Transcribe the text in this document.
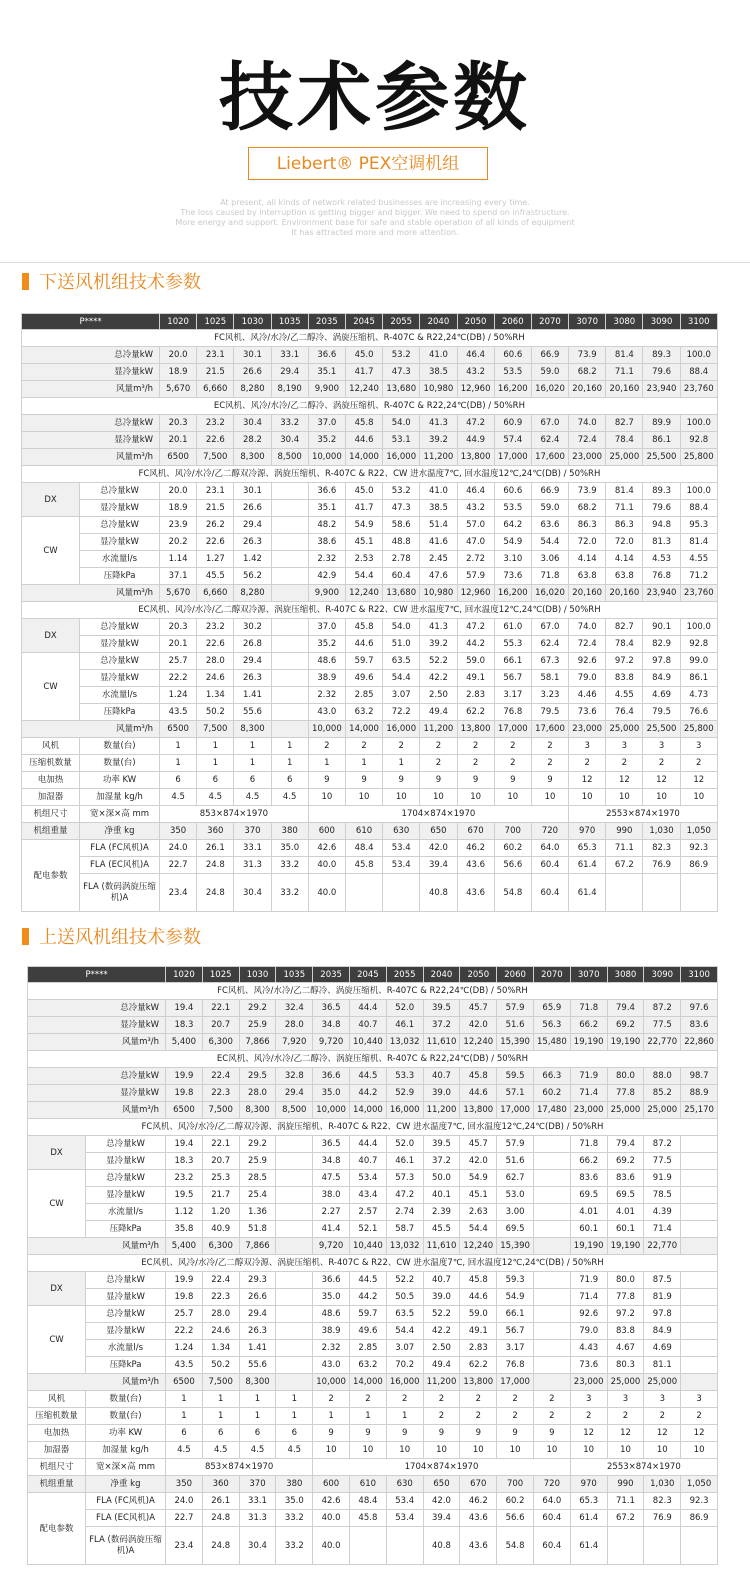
技术参数
Liebert® PEX空调机组
At present, all kinds of network related businesses are increasing every time.
The loss caused by interruption is getting bigger and bigger. We need to spend on infrastructure.
More energy and support. Environment base for safe and stable operation of all kinds of equipment
It has attracted more and more attention.
下送风机组技术参数
P****		1020	1025	1030	1035	2035	2045	2055	2040	2050	2060	2070	3070	3080	3090	3100
FC风机、风冷/水冷/乙二醇冷、涡旋压缩机、R-407C & R22,24℃(DB) / 50%RH																
总冷量kW		20.0	23.1	30.1	33.1	36.6	45.0	53.2	41.0	46.4	60.6	66.9	73.9	81.4	89.3	100.0
显冷量kW		18.9	21.5	26.6	29.4	35.1	41.7	47.3	38.5	43.2	53.5	59.0	68.2	71.1	79.6	88.4
风量m³/h		5,670	6,660	8,280	8,190	9,900	12,240	13,680	10,980	12,960	16,200	16,020	20,160	20,160	23,940	23,760
EC风机、风冷/水冷/乙二醇冷、涡旋压缩机、R-407C & R22,24℃(DB) / 50%RH																
总冷量kW		20.3	23.2	30.4	33.2	37.0	45.8	54.0	41.3	47.2	60.9	67.0	74.0	82.7	89.9	100.0
显冷量kW		20.1	22.6	28.2	30.4	35.2	44.6	53.1	39.2	44.9	57.4	62.4	72.4	78.4	86.1	92.8
风量m³/h		6500	7,500	8,300	8,500	10,000	14,000	16,000	11,200	13,800	17,000	17,600	23,000	25,000	25,500	25,800
FC风机、风冷/水冷/乙二醇双冷源、涡旋压缩机、R-407C & R22、CW 进水温度7℃, 回水温度12℃,24℃(DB) / 50%RH																
DX	总冷量kW	20.0	23.1	30.1		36.6	45.0	53.2	41.0	46.4	60.6	66.9	73.9	81.4	89.3	100.0
	显冷量kW	18.9	21.5	26.6		35.1	41.7	47.3	38.5	43.2	53.5	59.0	68.2	71.1	79.6	88.4
CW	总冷量kW	23.9	26.2	29.4		48.2	54.9	58.6	51.4	57.0	64.2	63.6	86.3	86.3	94.8	95.3
	显冷量kW	20.2	22.6	26.3		38.6	45.1	48.8	41.6	47.0	54.9	54.4	72.0	72.0	81.3	81.4
	水流量l/s	1.14	1.27	1.42		2.32	2.53	2.78	2.45	2.72	3.10	3.06	4.14	4.14	4.53	4.55
	压降kPa	37.1	45.5	56.2		42.9	54.4	60.4	47.6	57.9	73.6	71.8	63.8	63.8	76.8	71.2
风量m³/h		5,670	6,660	8,280		9,900	12,240	13,680	10,980	12,960	16,200	16,020	20,160	20,160	23,940	23,760
EC风机、风冷/水冷/乙二醇双冷源、涡旋压缩机、R-407C & R22、CW 进水温度7℃, 回水温度12℃,24℃(DB) / 50%RH																
DX	总冷量kW	20.3	23.2	30.2		37.0	45.8	54.0	41.3	47.2	61.0	67.0	74.0	82.7	90.1	100.0
	显冷量kW	20.1	22.6	26.8		35.2	44.6	51.0	39.2	44.2	55.3	62.4	72.4	78.4	82.9	92.8
CW	总冷量kW	25.7	28.0	29.4		48.6	59.7	63.5	52.2	59.0	66.1	67.3	92.6	97.2	97.8	99.0
	显冷量kW	22.2	24.6	26.3		38.9	49.6	54.4	42.2	49.1	56.7	58.1	79.0	83.8	84.9	86.1
	水流量l/s	1.24	1.34	1.41		2.32	2.85	3.07	2.50	2.83	3.17	3.23	4.46	4.55	4.69	4.73
	压降kPa	43.5	50.2	55.6		43.0	63.2	72.2	49.4	62.2	76.8	79.5	73.6	76.4	79.5	76.6
风量m³/h		6500	7,500	8,300		10,000	14,000	16,000	11,200	13,800	17,000	17,600	23,000	25,000	25,500	25,800
风机	数量(台)	1	1	1	1	2	2	2	2	2	2	2	3	3	3	3
压缩机数量	数量(台)	1	1	1	1	1	1	1	2	2	2	2	2	2	2	2
电加热	功率 KW	6	6	6	6	9	9	9	9	9	9	9	12	12	12	12
加湿器	加湿量 kg/h	4.5	4.5	4.5	4.5	10	10	10	10	10	10	10	10	10	10	10
机组尺寸	宽×深×高 mm	853×874×1970				1704×874×1970							2553×874×1970			
机组重量	净重 kg	350	360	370	380	600	610	630	650	670	700	720	970	990	1,030	1,050
配电参数	FLA (FC风机)A	24.0	26.1	33.1	35.0	42.6	48.4	53.4	42.0	46.2	60.2	64.0	65.3	71.1	82.3	92.3
	FLA (EC风机)A	22.7	24.8	31.3	33.2	40.0	45.8	53.4	39.4	43.6	56.6	60.4	61.4	67.2	76.9	86.9
	FLA (数码涡旋压缩机)A	23.4	24.8	30.4	33.2	40.0			40.8	43.6	54.8	60.4	61.4			
上送风机组技术参数
P****		1020	1025	1030	1035	2035	2045	2055	2040	2050	2060	2070	3070	3080	3090	3100
FC风机、风冷/水冷/乙二醇冷、涡旋压缩机、R-407C & R22,24℃(DB) / 50%RH																
总冷量kW		19.4	22.1	29.2	32.4	36.5	44.4	52.0	39.5	45.7	57.9	65.9	71.8	79.4	87.2	97.6
显冷量kW		18.3	20.7	25.9	28.0	34.8	40.7	46.1	37.2	42.0	51.6	56.3	66.2	69.2	77.5	83.6
风量m³/h		5,400	6,300	7,866	7,920	9,720	10,440	13,032	11,610	12,240	15,390	15,480	19,190	19,190	22,770	22,860
EC风机、风冷/水冷/乙二醇冷、涡旋压缩机、R-407C & R22,24℃(DB) / 50%RH																
总冷量kW		19.9	22.4	29.5	32.8	36.6	44.5	53.3	40.7	45.8	59.5	66.3	71.9	80.0	88.0	98.7
显冷量kW		19.8	22.3	28.0	29.4	35.0	44.2	52.9	39.0	44.6	57.1	60.2	71.4	77.8	85.2	88.9
风量m³/h		6500	7,500	8,300	8,500	10,000	14,000	16,000	11,200	13,800	17,000	17,480	23,000	25,000	25,000	25,170
FC风机、风冷/水冷/乙二醇双冷源、涡旋压缩机、R-407C & R22、CW 进水温度7℃, 回水温度12℃,24℃(DB) / 50%RH																
DX	总冷量kW	19.4	22.1	29.2		36.5	44.4	52.0	39.5	45.7	57.9		71.8	79.4	87.2	
	显冷量kW	18.3	20.7	25.9		34.8	40.7	46.1	37.2	42.0	51.6		66.2	69.2	77.5	
CW	总冷量kW	23.2	25.3	28.5		47.5	53.4	57.3	50.0	54.9	62.7		83.6	83.6	91.9	
	显冷量kW	19.5	21.7	25.4		38.0	43.4	47.2	40.1	45.1	53.0		69.5	69.5	78.5	
	水流量l/s	1.12	1.20	1.36		2.27	2.57	2.74	2.39	2.63	3.00		4.01	4.01	4.39	
	压降kPa	35.8	40.9	51.8		41.4	52.1	58.7	45.5	54.4	69.5		60.1	60.1	71.4	
风量m³/h		5,400	6,300	7,866		9,720	10,440	13,032	11,610	12,240	15,390		19,190	19,190	22,770	
EC风机、风冷/水冷/乙二醇双冷源、涡旋压缩机、R-407C & R22、CW 进水温度7℃, 回水温度12℃,24℃(DB) / 50%RH																
DX	总冷量kW	19.9	22.4	29.3		36.6	44.5	52.2	40.7	45.8	59.3		71.9	80.0	87.5	
	显冷量kW	19.8	22.3	26.6		35.0	44.2	50.5	39.0	44.6	54.9		71.4	77.8	81.9	
CW	总冷量kW	25.7	28.0	29.4		48.6	59.7	63.5	52.2	59.0	66.1		92.6	97.2	97.8	
	显冷量kW	22.2	24.6	26.3		38.9	49.6	54.4	42.2	49.1	56.7		79.0	83.8	84.9	
	水流量l/s	1.24	1.34	1.41		2.32	2.85	3.07	2.50	2.83	3.17		4.43	4.67	4.69	
	压降kPa	43.5	50.2	55.6		43.0	63.2	70.2	49.4	62.2	76.8		73.6	80.3	81.1	
风量m³/h		6500	7,500	8,300		10,000	14,000	16,000	11,200	13,800	17,000		23,000	25,000	25,000	
风机	数量(台)	1	1	1	1	2	2	2	2	2	2	2	3	3	3	3
压缩机数量	数量(台)	1	1	1	1	1	1	1	2	2	2	2	2	2	2	2
电加热	功率 KW	6	6	6	6	9	9	9	9	9	9	9	12	12	12	12
加湿器	加湿量 kg/h	4.5	4.5	4.5	4.5	10	10	10	10	10	10	10	10	10	10	10
机组尺寸	宽×深×高 mm	853×874×1970				1704×874×1970							2553×874×1970			
机组重量	净重 kg	350	360	370	380	600	610	630	650	670	700	720	970	990	1,030	1,050
配电参数	FLA (FC风机)A	24.0	26.1	33.1	35.0	42.6	48.4	53.4	42.0	46.2	60.2	64.0	65.3	71.1	82.3	92.3
	FLA (EC风机)A	22.7	24.8	31.3	33.2	40.0	45.8	53.4	39.4	43.6	56.6	60.4	61.4	67.2	76.9	86.9
	FLA (数码涡旋压缩机)A	23.4	24.8	30.4	33.2	40.0			40.8	43.6	54.8	60.4	61.4			
